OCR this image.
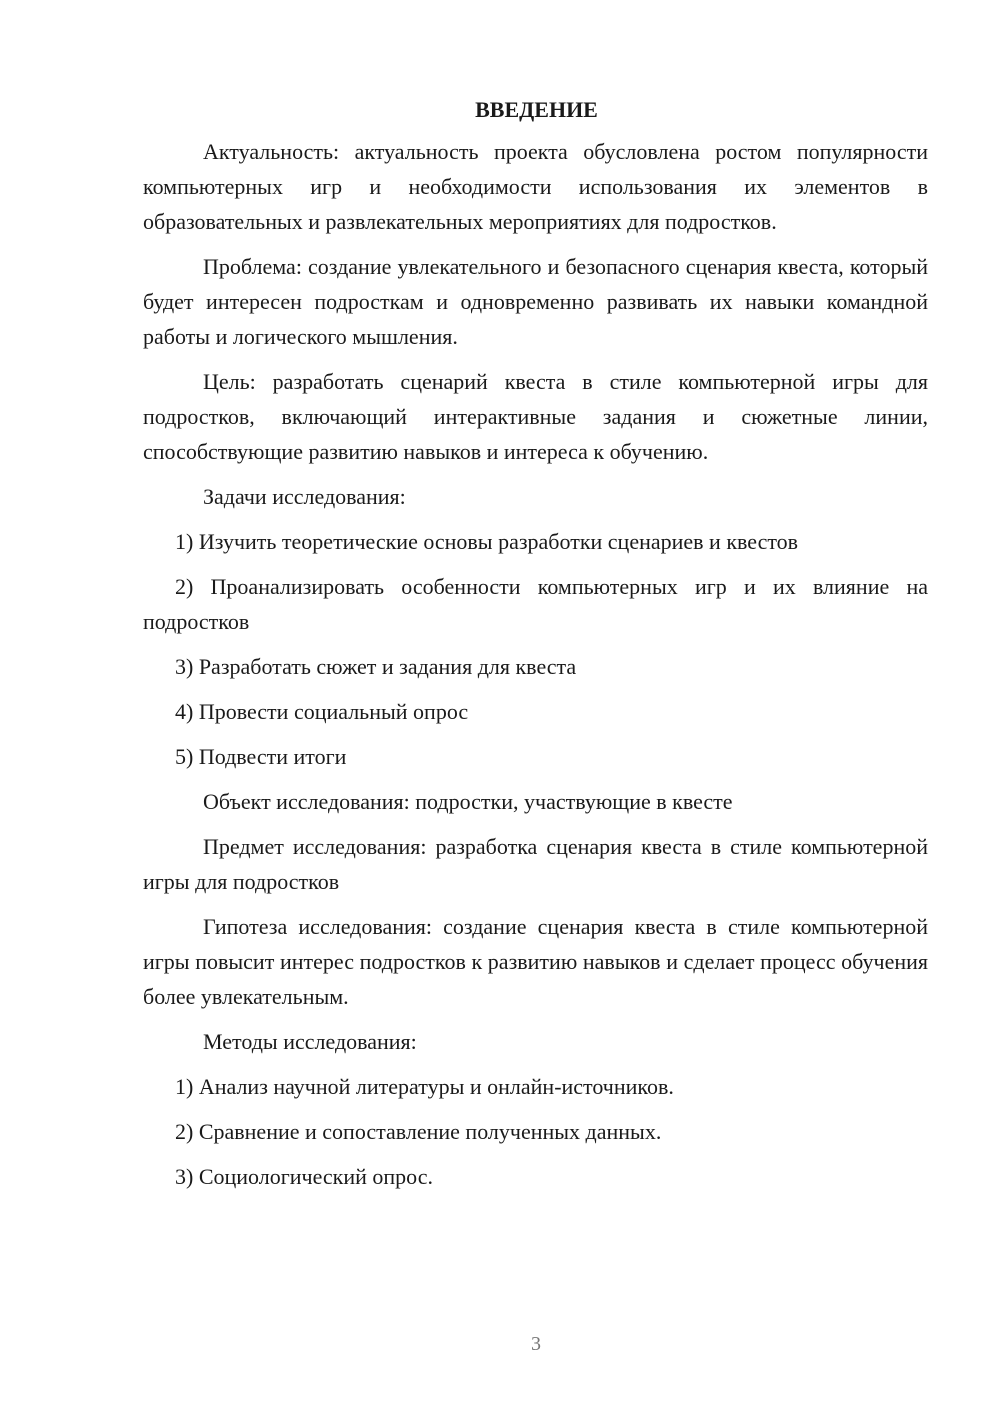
ВВЕДЕНИЕ

Актуальность: актуальность проекта обусловлена ростом популярности компьютерных игр и необходимости использования их элементов в образовательных и развлекательных мероприятиях для подростков.

Проблема: создание увлекательного и безопасного сценария квеста, который будет интересен подросткам и одновременно развивать их навыки командной работы и логического мышления.

Цель: разработать сценарий квеста в стиле компьютерной игры для подростков, включающий интерактивные задания и сюжетные линии, способствующие развитию навыков и интереса к обучению.

Задачи исследования:

1) Изучить теоретические основы разработки сценариев и квестов

2) Проанализировать особенности компьютерных игр и их влияние на подростков

3) Разработать сюжет и задания для квеста

4) Провести социальный опрос

5) Подвести итоги

Объект исследования: подростки, участвующие в квесте

Предмет исследования: разработка сценария квеста в стиле компьютерной игры для подростков

Гипотеза исследования: создание сценария квеста в стиле компьютерной игры повысит интерес подростков к развитию навыков и сделает процесс обучения более увлекательным.

Методы исследования:

1) Анализ научной литературы и онлайн-источников.

2) Сравнение и сопоставление полученных данных.

3) Социологический опрос.

3
